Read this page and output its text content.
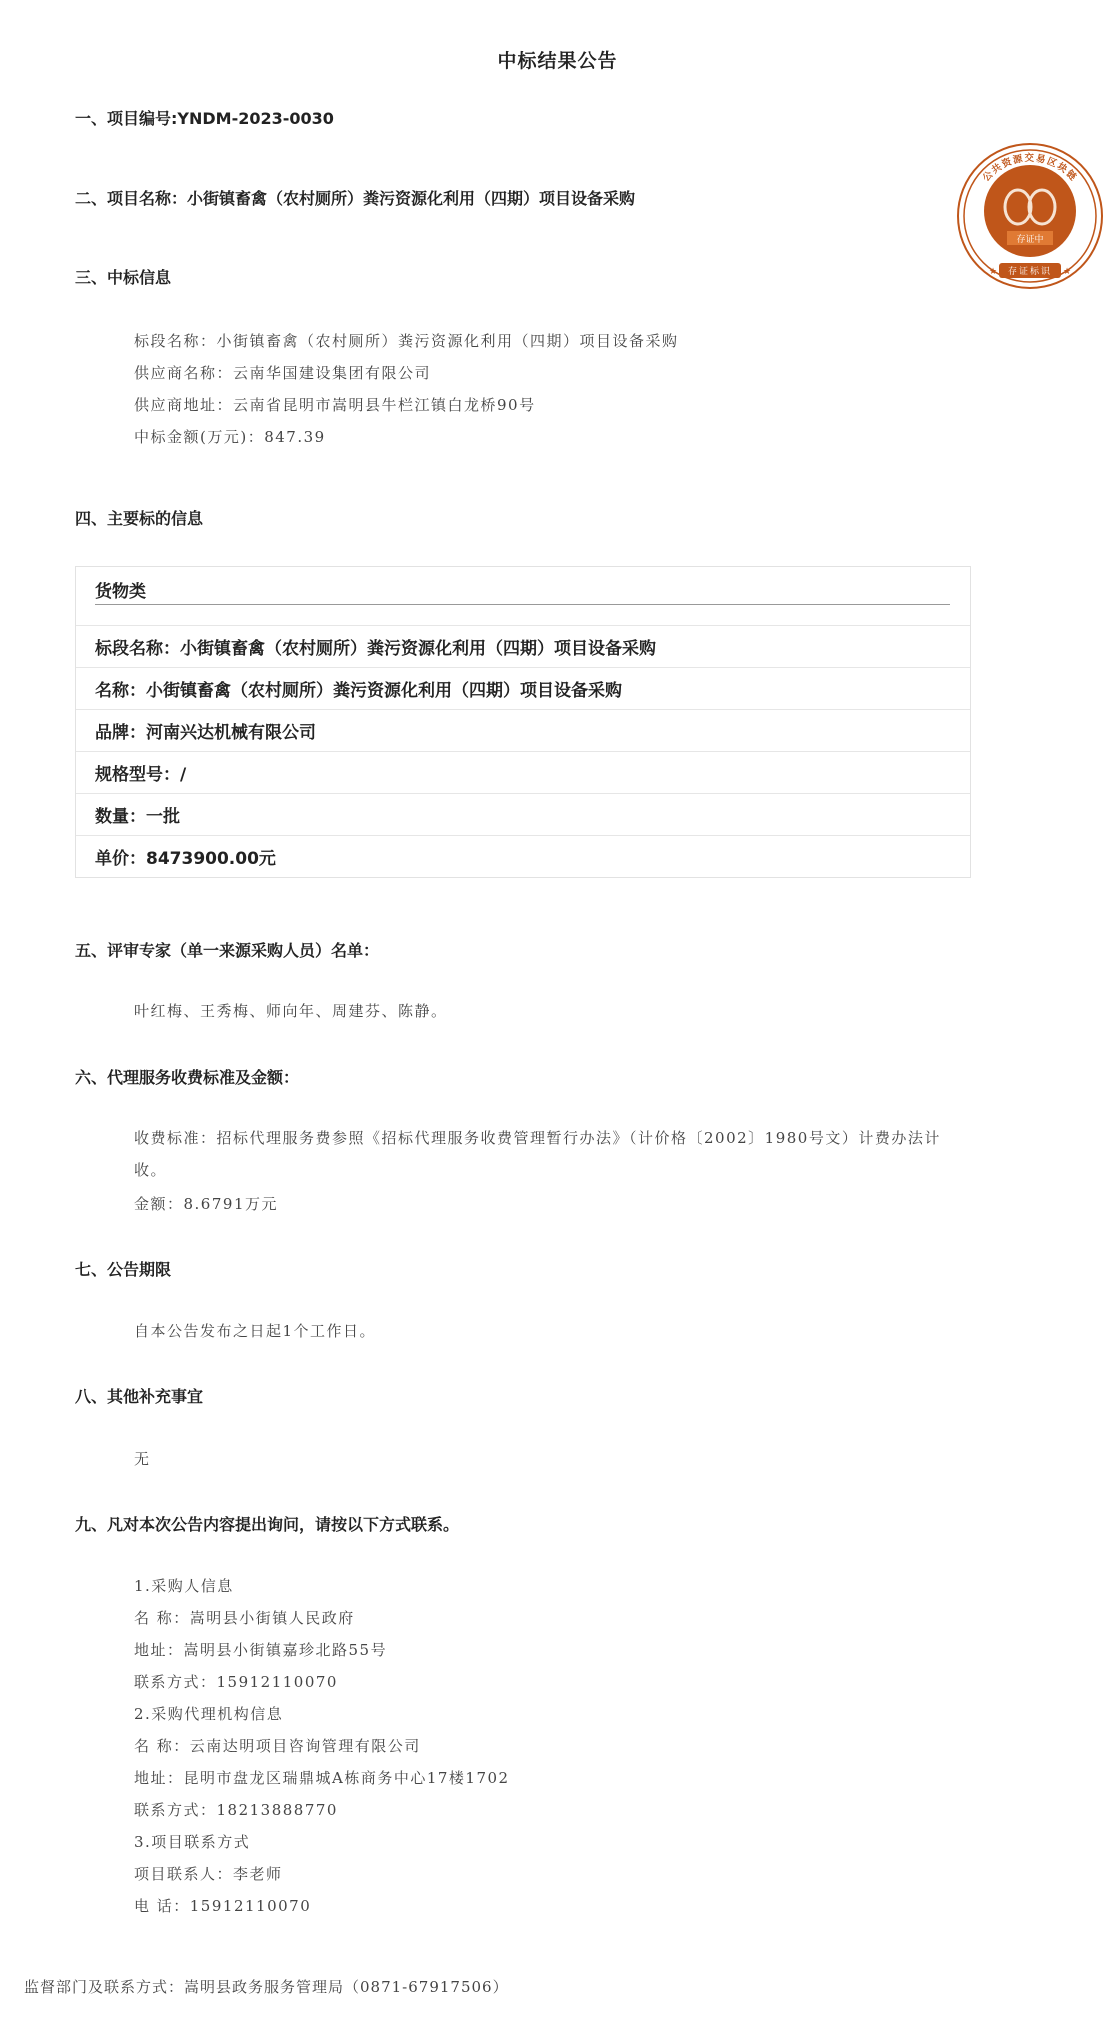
中标结果公告
公共资源交易区块链
存证中
存证标识
★	★
一、项目编号:YNDM-2023-0030
二、项目名称：小街镇畜禽（农村厕所）粪污资源化利用（四期）项目设备采购
三、中标信息
标段名称：小街镇畜禽（农村厕所）粪污资源化利用（四期）项目设备采购
供应商名称：云南华国建设集团有限公司
供应商地址：云南省昆明市嵩明县牛栏江镇白龙桥90号
中标金额(万元)：847.39
四、主要标的信息
货物类
标段名称：小街镇畜禽（农村厕所）粪污资源化利用（四期）项目设备采购
名称：小街镇畜禽（农村厕所）粪污资源化利用（四期）项目设备采购
品牌：河南兴达机械有限公司
规格型号：/
数量：一批
单价：8473900.00元
五、评审专家（单一来源采购人员）名单：
叶红梅、王秀梅、师向年、周建芬、陈静。
六、代理服务收费标准及金额：
收费标准：招标代理服务费参照《招标代理服务收费管理暂行办法》（计价格〔2002〕1980号文）计费办法计收。
金额：8.6791万元
七、公告期限
自本公告发布之日起1个工作日。
八、其他补充事宜
无
九、凡对本次公告内容提出询问，请按以下方式联系。
1.采购人信息
名 称：嵩明县小街镇人民政府
地址：嵩明县小街镇嘉珍北路55号
联系方式：15912110070
2.采购代理机构信息
名 称：云南达明项目咨询管理有限公司
地址：昆明市盘龙区瑞鼎城A栋商务中心17楼1702
联系方式：18213888770
3.项目联系方式
项目联系人：李老师
电 话：15912110070
监督部门及联系方式：嵩明县政务服务管理局（0871-67917506）
